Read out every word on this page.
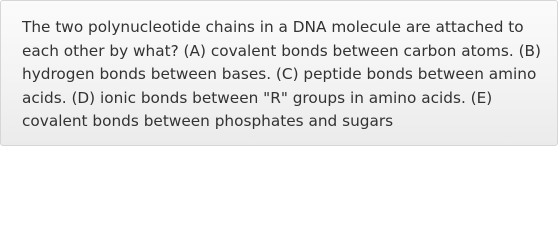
The two polynucleotide chains in a DNA molecule are attached to each other by what? (A) covalent bonds between carbon atoms. (B) hydrogen bonds between bases. (C) peptide bonds between amino acids. (D) ionic bonds between "R" groups in amino acids. (E) covalent bonds between phosphates and sugars
